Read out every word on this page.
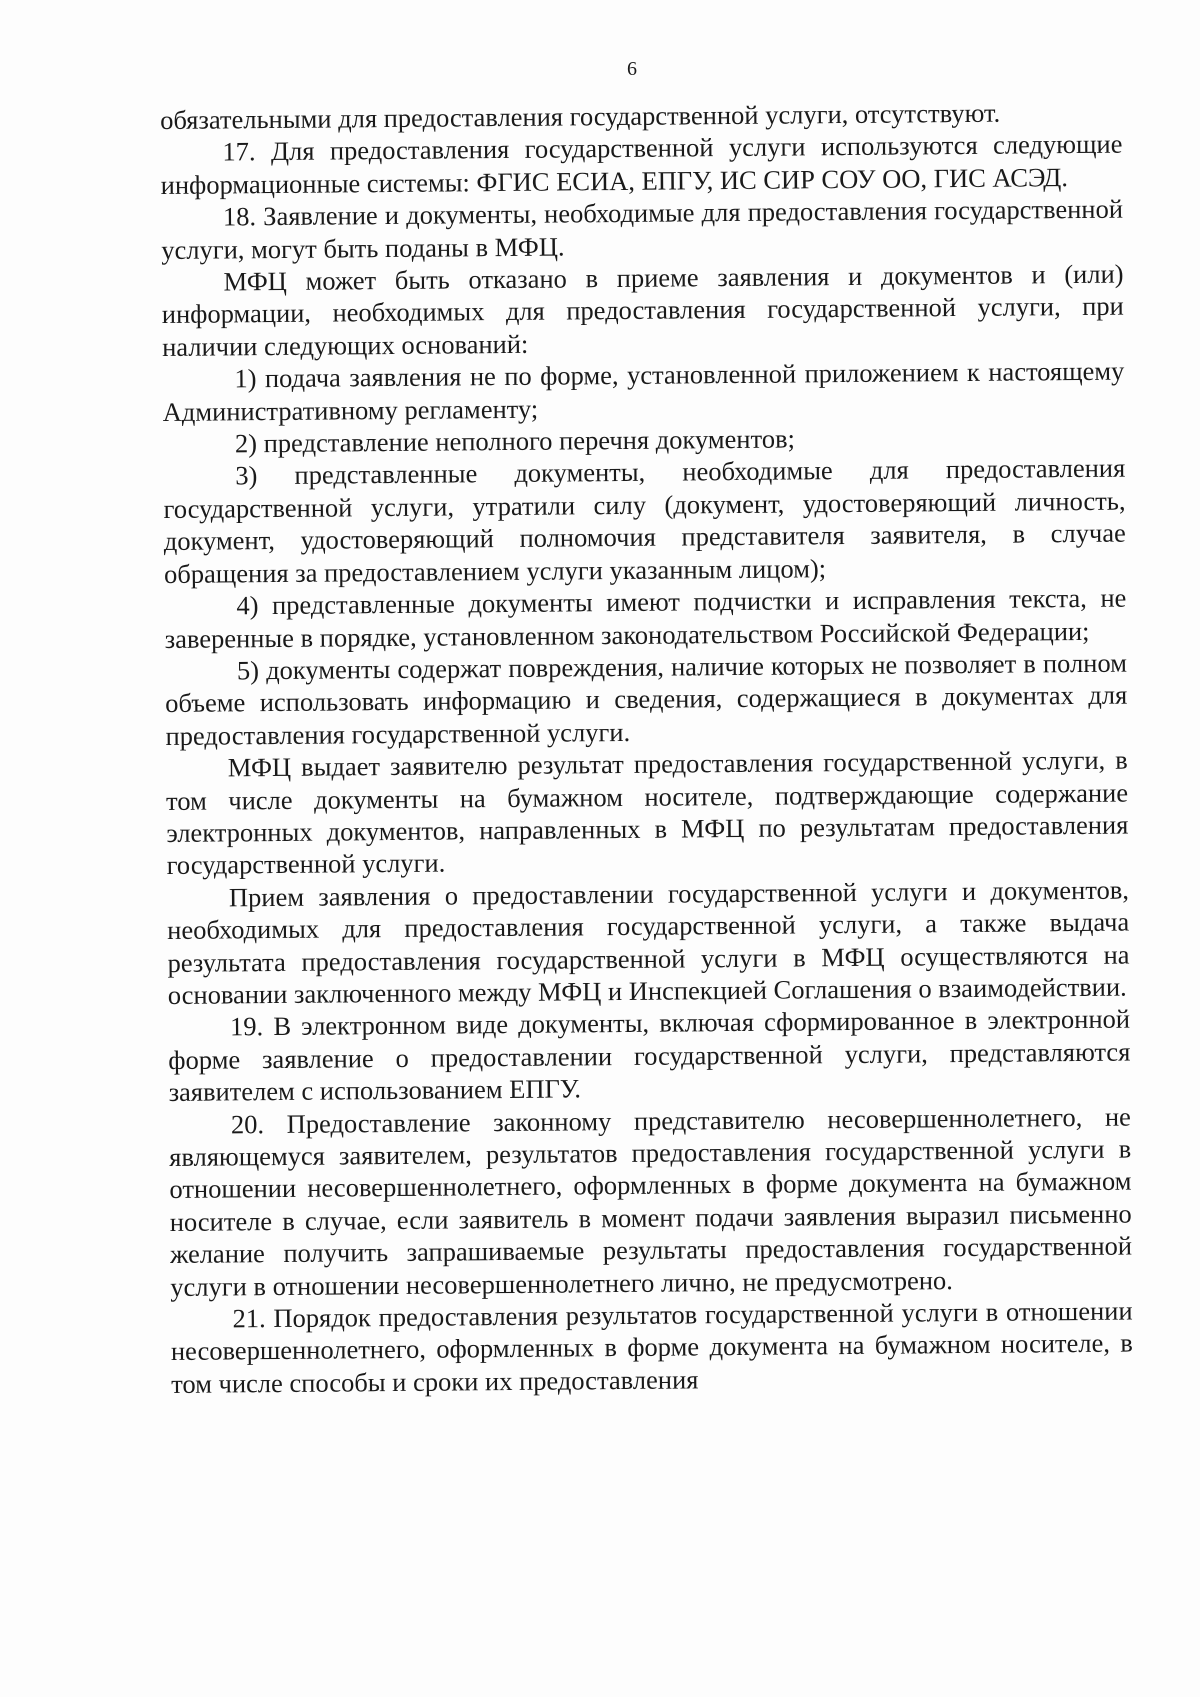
6

обязательными для предоставления государственной услуги, отсутствуют.

17. Для предоставления государственной услуги используются следующие информационные системы: ФГИС ЕСИА, ЕПГУ, ИС СИР СОУ ОО, ГИС АСЭД.

18. Заявление и документы, необходимые для предоставления государственной услуги, могут быть поданы в МФЦ.

МФЦ может быть отказано в приеме заявления и документов и (или) информации, необходимых для предоставления государственной услуги, при наличии следующих оснований:

1) подача заявления не по форме, установленной приложением к настоящему Административному регламенту;

2) представление неполного перечня документов;

3) представленные документы, необходимые для предоставления государственной услуги, утратили силу (документ, удостоверяющий личность, документ, удостоверяющий полномочия представителя заявителя, в случае обращения за предоставлением услуги указанным лицом);

4) представленные документы имеют подчистки и исправления текста, не заверенные в порядке, установленном законодательством Российской Федерации;

5) документы содержат повреждения, наличие которых не позволяет в полном объеме использовать информацию и сведения, содержащиеся в документах для предоставления государственной услуги.

МФЦ выдает заявителю результат предоставления государственной услуги, в том числе документы на бумажном носителе, подтверждающие содержание электронных документов, направленных в МФЦ по результатам предоставления государственной услуги.

Прием заявления о предоставлении государственной услуги и документов, необходимых для предоставления государственной услуги, а также выдача результата предоставления государственной услуги в МФЦ осуществляются на основании заключенного между МФЦ и Инспекцией Соглашения о взаимодействии.

19. В электронном виде документы, включая сформированное в электронной форме заявление о предоставлении государственной услуги, представляются заявителем с использованием ЕПГУ.

20. Предоставление законному представителю несовершеннолетнего, не являющемуся заявителем, результатов предоставления государственной услуги в отношении несовершеннолетнего, оформленных в форме документа на бумажном носителе в случае, если заявитель в момент подачи заявления выразил письменно желание получить запрашиваемые результаты предоставления государственной услуги в отношении несовершеннолетнего лично, не предусмотрено.

21. Порядок предоставления результатов государственной услуги в отношении несовершеннолетнего, оформленных в форме документа на бумажном носителе, в том числе способы и сроки их предоставления
